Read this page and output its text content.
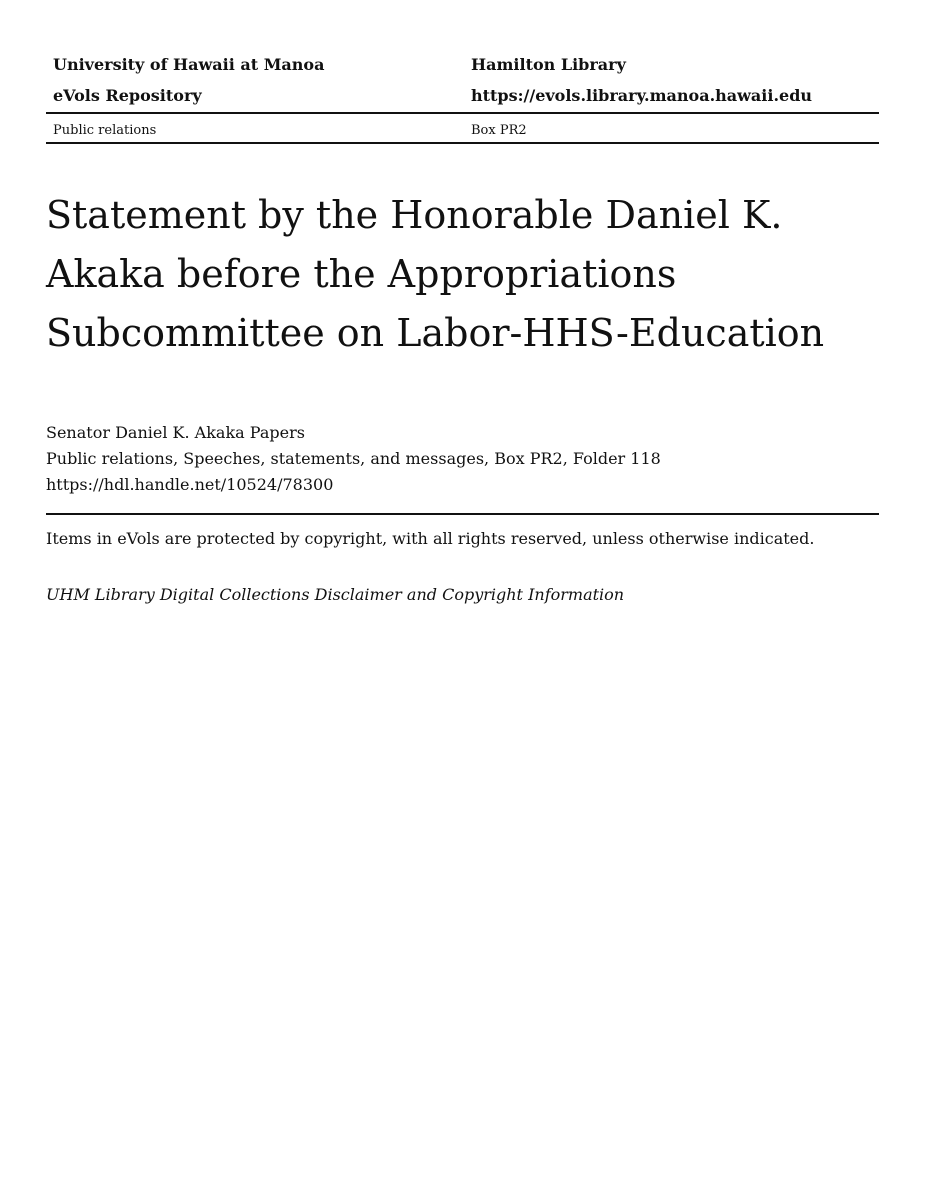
University of Hawaii at Manoa	Hamilton Library
eVols Repository	https://evols.library.manoa.hawaii.edu
Public relations	Box PR2
Statement by the Honorable Daniel K. Akaka before the Appropriations Subcommittee on Labor-HHS-Education
Senator Daniel K. Akaka Papers
Public relations, Speeches, statements, and messages, Box PR2, Folder 118
https://hdl.handle.net/10524/78300
Items in eVols are protected by copyright, with all rights reserved, unless otherwise indicated.
UHM Library Digital Collections Disclaimer and Copyright Information
